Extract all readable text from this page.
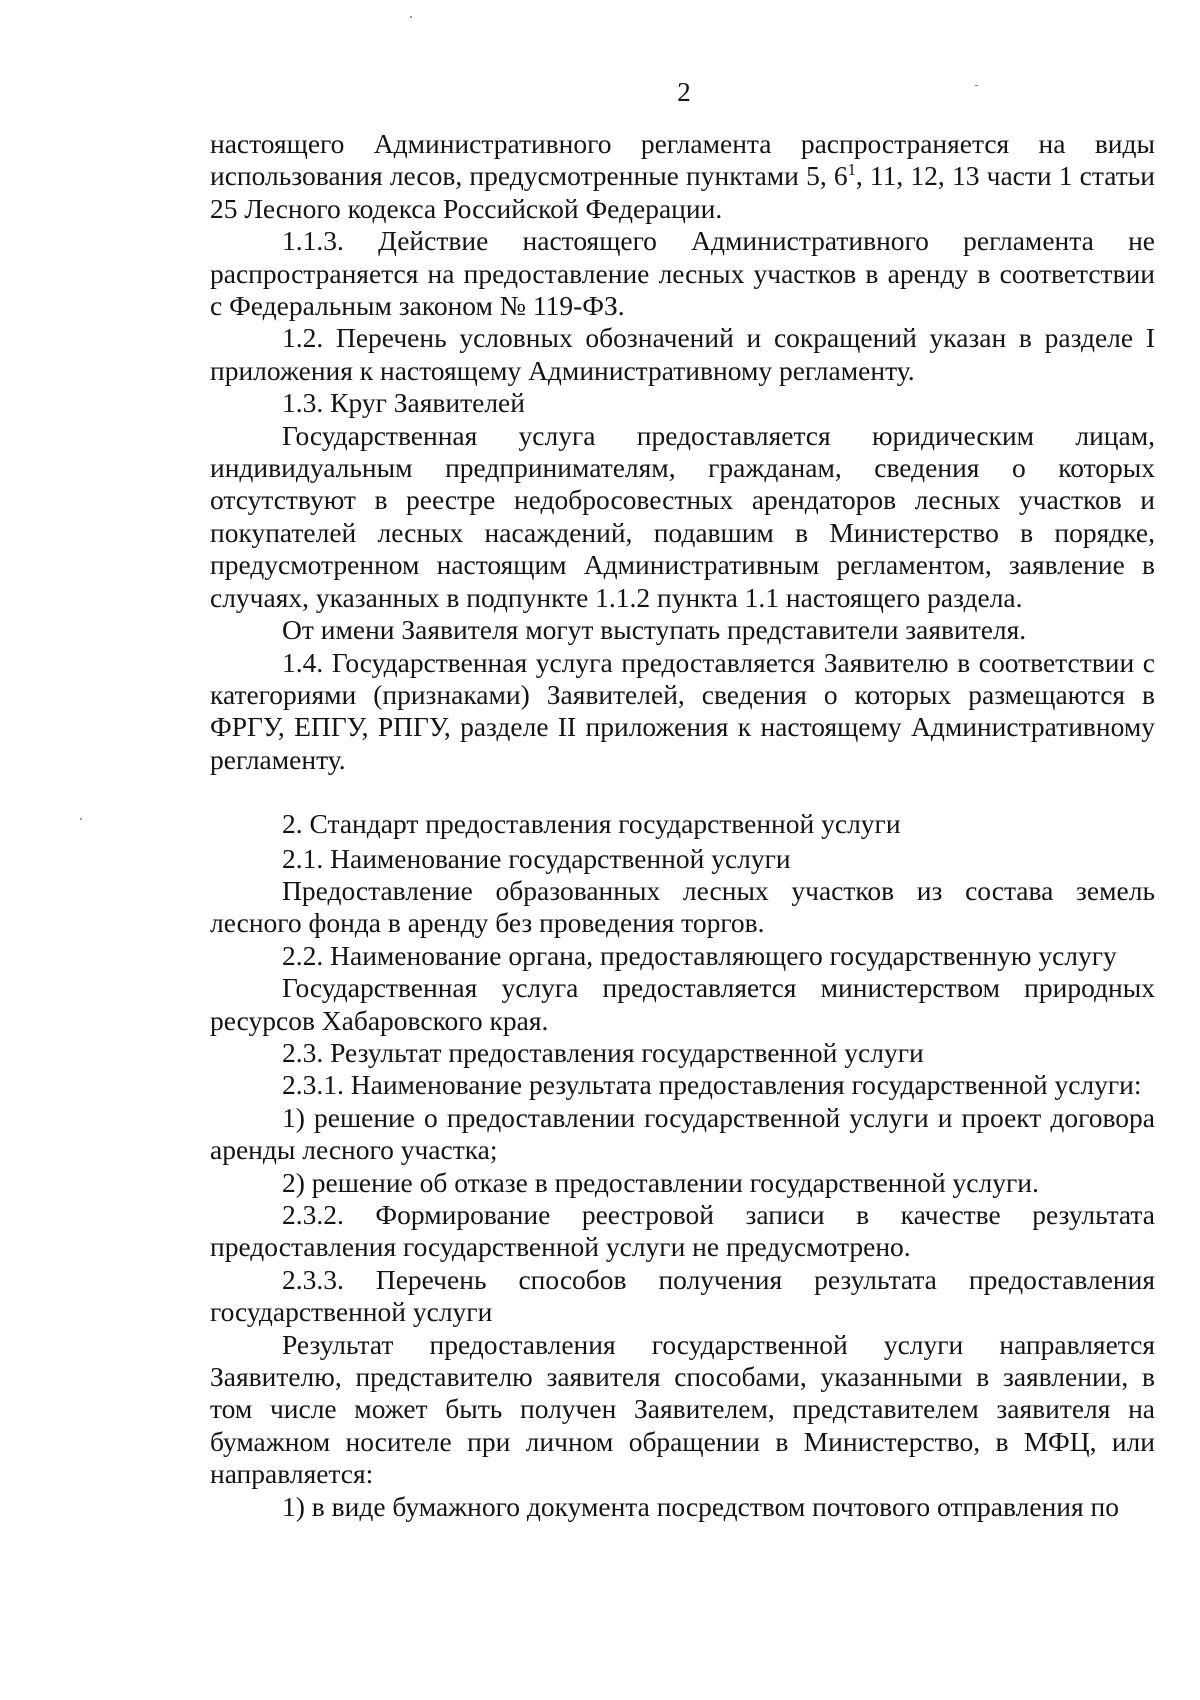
2

настоящего Административного регламента распространяется на виды использования лесов, предусмотренные пунктами 5, $6^1$, 11, 12, 13 части 1 статьи 25 Лесного кодекса Российской Федерации.

1.1.3. Действие настоящего Административного регламента не распространяется на предоставление лесных участков в аренду в соответствии с Федеральным законом № 119-ФЗ.

1.2. Перечень условных обозначений и сокращений указан в разделе I приложения к настоящему Административному регламенту.

1.3. Круг Заявителей

Государственная услуга предоставляется юридическим лицам, индивидуальным предпринимателям, гражданам, сведения о которых отсутствуют в реестре недобросовестных арендаторов лесных участков и покупателей лесных насаждений, подавшим в Министерство в порядке, предусмотренном настоящим Административным регламентом, заявление в случаях, указанных в подпункте 1.1.2 пункта 1.1 настоящего раздела.

От имени Заявителя могут выступать представители заявителя.

1.4. Государственная услуга предоставляется Заявителю в соответствии с категориями (признаками) Заявителей, сведения о которых размещаются в ФРГУ, ЕПГУ, РПГУ, разделе II приложения к настоящему Административному регламенту.

2. Стандарт предоставления государственной услуги

2.1. Наименование государственной услуги

Предоставление образованных лесных участков из состава земель лесного фонда в аренду без проведения торгов.

2.2. Наименование органа, предоставляющего государственную услугу

Государственная услуга предоставляется министерством природных ресурсов Хабаровского края.

2.3. Результат предоставления государственной услуги

2.3.1. Наименование результата предоставления государственной услуги:

1) решение о предоставлении государственной услуги и проект договора аренды лесного участка;

2) решение об отказе в предоставлении государственной услуги.

2.3.2. Формирование реестровой записи в качестве результата предоставления государственной услуги не предусмотрено.

2.3.3. Перечень способов получения результата предоставления государственной услуги

Результат предоставления государственной услуги направляется Заявителю, представителю заявителя способами, указанными в заявлении, в том числе может быть получен Заявителем, представителем заявителя на бумажном носителе при личном обращении в Министерство, в МФЦ, или направляется:

1) в виде бумажного документа посредством почтового отправления по
